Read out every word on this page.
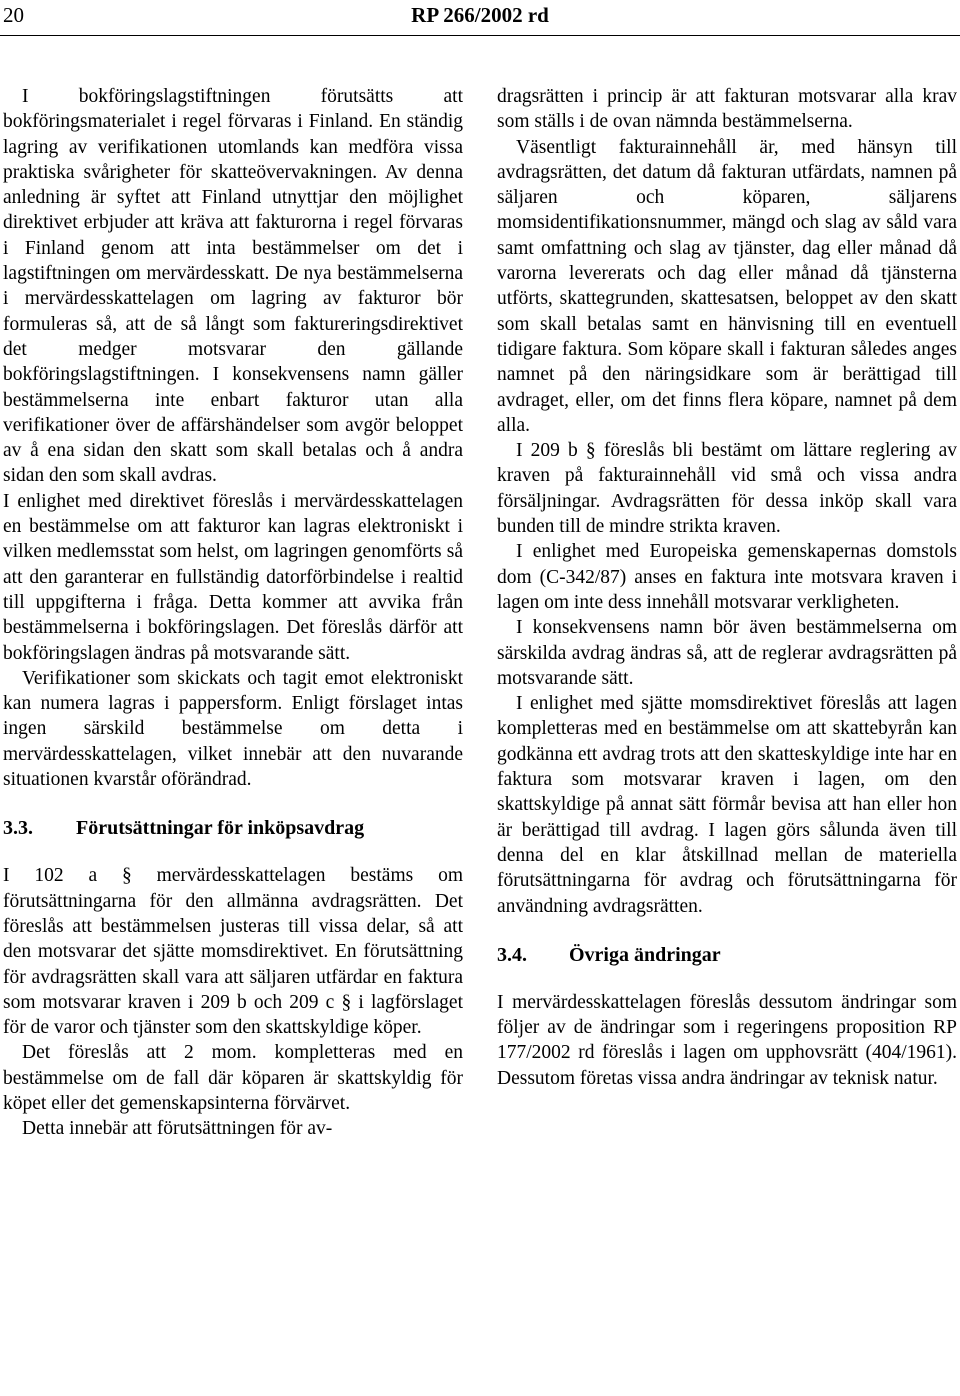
20	RP 266/2002 rd

I bokföringslagstiftningen förutsätts att bokföringsmaterialet i regel förvaras i Finland. En ständig lagring av verifikationen utomlands kan medföra vissa praktiska svårigheter för skatteövervakningen. Av denna anledning är syftet att Finland utnyttjar den möjlighet direktivet erbjuder att kräva att fakturorna i regel förvaras i Finland genom att inta bestämmelser om det i lagstiftningen om mervärdesskatt. De nya bestämmelserna i mervärdesskattelagen om lagring av fakturor bör formuleras så, att de så långt som faktureringsdirektivet det medger motsvarar den gällande bokföringslagstiftningen. I konsekvensens namn gäller bestämmelserna inte enbart fakturor utan alla verifikationer över de affärshändelser som avgör beloppet av å ena sidan den skatt som skall betalas och å andra sidan den som skall avdras.

I enlighet med direktivet föreslås i mervärdesskattelagen en bestämmelse om att fakturor kan lagras elektroniskt i vilken medlemsstat som helst, om lagringen genomförts så att den garanterar en fullständig datorförbindelse i realtid till uppgifterna i fråga. Detta kommer att avvika från bestämmelserna i bokföringslagen. Det föreslås därför att bokföringslagen ändras på motsvarande sätt.

Verifikationer som skickats och tagit emot elektroniskt kan numera lagras i pappersform. Enligt förslaget intas ingen särskild bestämmelse om detta i mervärdesskattelagen, vilket innebär att den nuvarande situationen kvarstår oförändrad.

3.3. Förutsättningar för inköpsavdrag

I 102 a § mervärdesskattelagen bestäms om förutsättningarna för den allmänna avdragsrätten. Det föreslås att bestämmelsen justeras till vissa delar, så att den motsvarar det sjätte momsdirektivet. En förutsättning för avdragsrätten skall vara att säljaren utfärdar en faktura som motsvarar kraven i 209 b och 209 c § i lagförslaget för de varor och tjänster som den skattskyldige köper.

Det föreslås att 2 mom. kompletteras med en bestämmelse om de fall där köparen är skattskyldig för köpet eller det gemenskapsinterna förvärvet.

Detta innebär att förutsättningen för av-

dragsrätten i princip är att fakturan motsvarar alla krav som ställs i de ovan nämnda bestämmelserna.

Väsentligt fakturainnehåll är, med hänsyn till avdragsrätten, det datum då fakturan utfärdats, namnen på säljaren och köparen, säljarens momsidentifikationsnummer, mängd och slag av såld vara samt omfattning och slag av tjänster, dag eller månad då varorna levererats och dag eller månad då tjänsterna utförts, skattegrunden, skattesatsen, beloppet av den skatt som skall betalas samt en hänvisning till en eventuell tidigare faktura. Som köpare skall i fakturan således anges namnet på den näringsidkare som är berättigad till avdraget, eller, om det finns flera köpare, namnet på dem alla.

I 209 b § föreslås bli bestämt om lättare reglering av kraven på fakturainnehåll vid små och vissa andra försäljningar. Avdragsrätten för dessa inköp skall vara bunden till de mindre strikta kraven.

I enlighet med Europeiska gemenskapernas domstols dom (C-342/87) anses en faktura inte motsvara kraven i lagen om inte dess innehåll motsvarar verkligheten.

I konsekvensens namn bör även bestämmelserna om särskilda avdrag ändras så, att de reglerar avdragsrätten på motsvarande sätt.

I enlighet med sjätte momsdirektivet föreslås att lagen kompletteras med en bestämmelse om att skattebyrån kan godkänna ett avdrag trots att den skatteskyldige inte har en faktura som motsvarar kraven i lagen, om den skattskyldige på annat sätt förmår bevisa att han eller hon är berättigad till avdrag. I lagen görs sålunda även till denna del en klar åtskillnad mellan de materiella förutsättningarna för avdrag och förutsättningarna för användning avdragsrätten.

3.4. Övriga ändringar

I mervärdesskattelagen föreslås dessutom ändringar som följer av de ändringar som i regeringens proposition RP 177/2002 rd föreslås i lagen om upphovsrätt (404/1961). Dessutom företas vissa andra ändringar av teknisk natur.
